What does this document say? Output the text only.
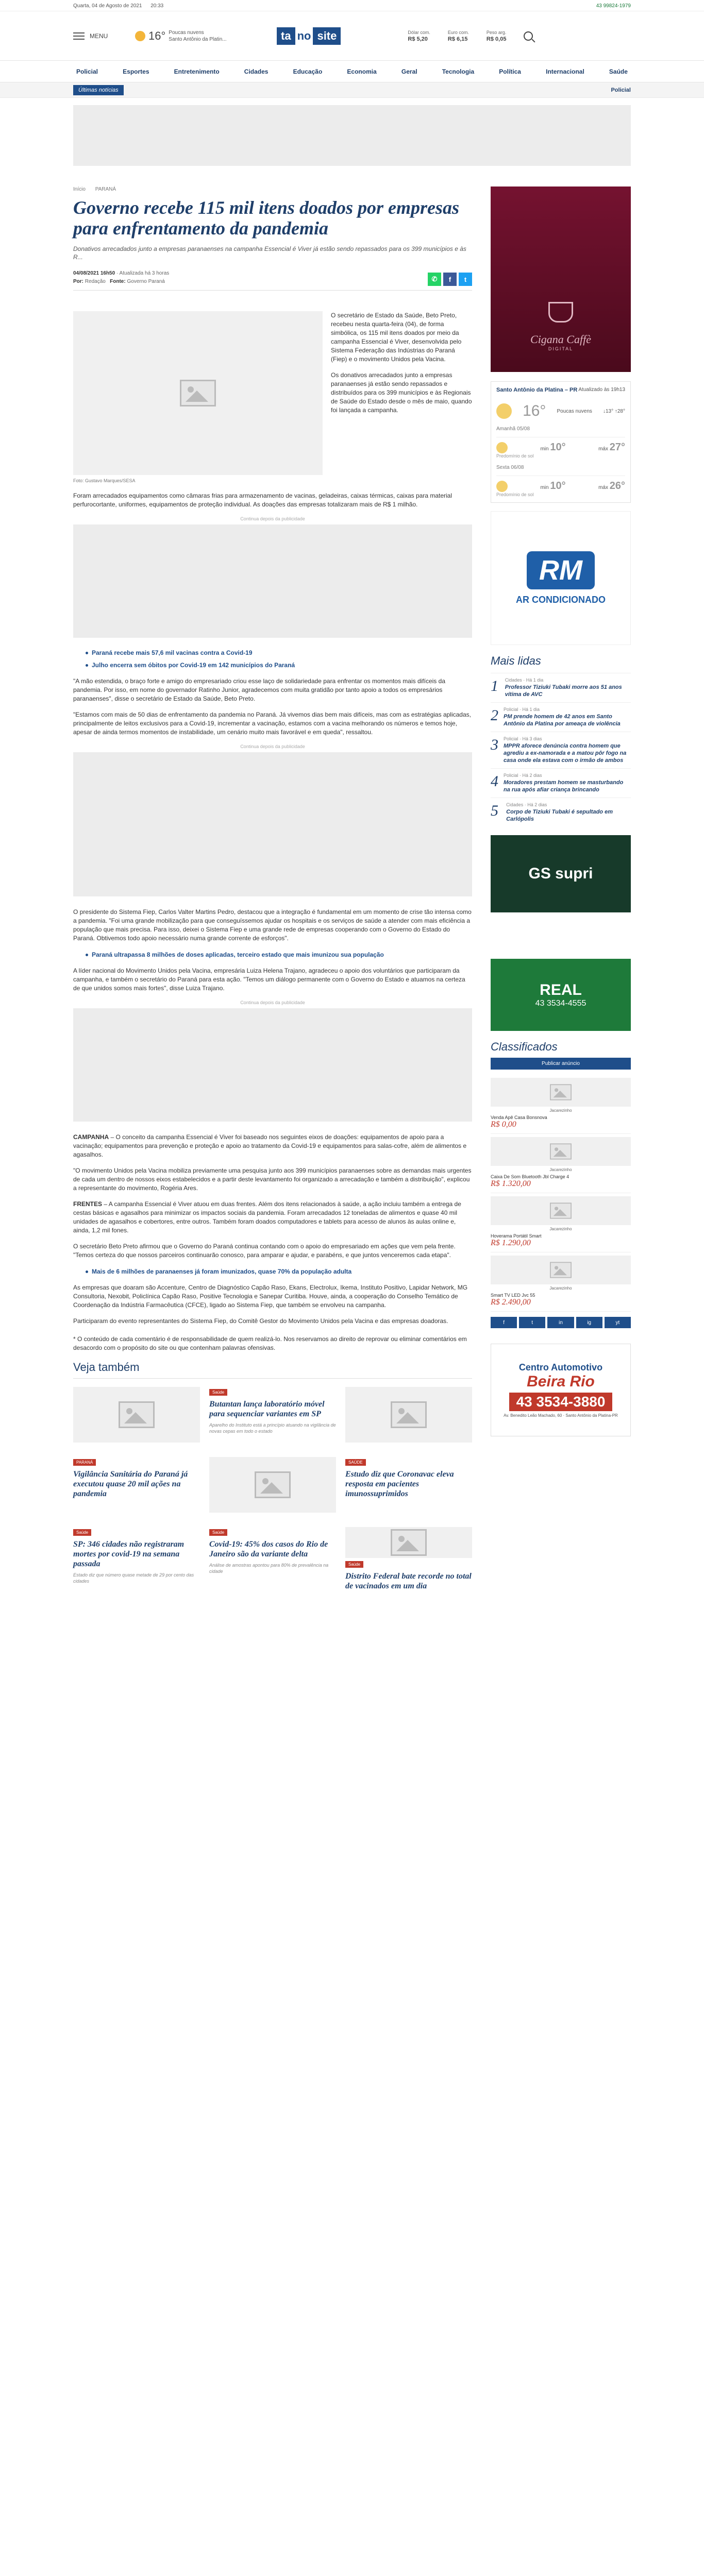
Quarta, 04 de Agosto de 2021 20:33	43 99824-1979
MENU	16° Poucas nuvens
Santo Antônio da Platin...	ta no site	Dólar com.
R$ 5,20
Euro com.
R$ 6,15
Peso arg.
R$ 0,05
Policial	Esportes	Entretenimento	Cidades	Educação	Economia	Geral	Tecnologia	Política	Internacional	Saúde
Últimas notícias	Policial
Início PARANÁ
Governo recebe 115 mil itens doados por empresas para enfrentamento da pandemia

Donativos arrecadados junto a empresas paranaenses na campanha Essencial é Viver já estão sendo repassados para os 399 municípios e às R...

04/08/2021 16h50 · Atualizada há 3 horas
Por: Redação Fonte: Governo Paraná	✆	f	t
Foto: Gustavo Marques/SESA

O secretário de Estado da Saúde, Beto Preto, recebeu nesta quarta-feira (04), de forma simbólica, os 115 mil itens doados por meio da campanha Essencial é Viver, desenvolvida pelo Sistema Federação das Indústrias do Paraná (Fiep) e o movimento Unidos pela Vacina.

Os donativos arrecadados junto a empresas paranaenses já estão sendo repassados e distribuídos para os 399 municípios e às Regionais de Saúde do Estado desde o mês de maio, quando foi lançada a campanha.

Foram arrecadados equipamentos como câmaras frias para armazenamento de vacinas, geladeiras, caixas térmicas, caixas para material perfurocortante, uniformes, equipamentos de proteção individual. As doações das empresas totalizaram mais de R$ 1 milhão.

Continua depois da publicidade
Paraná recebe mais 57,6 mil vacinas contra a Covid-19
Julho encerra sem óbitos por Covid-19 em 142 municípios do Paraná

"A mão estendida, o braço forte e amigo do empresariado criou esse laço de solidariedade para enfrentar os momentos mais difíceis da pandemia. Por isso, em nome do governador Ratinho Junior, agradecemos com muita gratidão por tanto apoio a todos os empresários paranaenses", disse o secretário de Estado da Saúde, Beto Preto.

"Estamos com mais de 50 dias de enfrentamento da pandemia no Paraná. Já vivemos dias bem mais difíceis, mas com as estratégias aplicadas, principalmente de leitos exclusivos para a Covid-19, incrementar a vacinação, estamos com a vacina melhorando os números e temos hoje, apesar de ainda termos momentos de instabilidade, um cenário muito mais favorável e em queda", ressaltou.

Continua depois da publicidade

O presidente do Sistema Fiep, Carlos Valter Martins Pedro, destacou que a integração é fundamental em um momento de crise tão intensa como a pandemia. "Foi uma grande mobilização para que conseguíssemos ajudar os hospitais e os serviços de saúde a atender com mais eficiência a população que mais precisa. Para isso, deixei o Sistema Fiep e uma grande rede de empresas cooperando com o Governo do Estado do Paraná. Obtivemos todo apoio necessário numa grande corrente de esforços".

Paraná ultrapassa 8 milhões de doses aplicadas, terceiro estado que mais imunizou sua população

A líder nacional do Movimento Unidos pela Vacina, empresária Luiza Helena Trajano, agradeceu o apoio dos voluntários que participaram da campanha, e também o secretário do Paraná para esta ação. "Temos um diálogo permanente com o Governo do Estado e atuamos na certeza de que unidos somos mais fortes", disse Luiza Trajano.

Continua depois da publicidade

CAMPANHA – O conceito da campanha Essencial é Viver foi baseado nos seguintes eixos de doações: equipamentos de apoio para a vacinação; equipamentos para prevenção e proteção e apoio ao tratamento da Covid-19 e equipamentos para salas-cofre, além de alimentos e agasalhos.

"O movimento Unidos pela Vacina mobiliza previamente uma pesquisa junto aos 399 municípios paranaenses sobre as demandas mais urgentes de cada um dentro de nossos eixos estabelecidos e a partir deste levantamento foi organizado a arrecadação e também a distribuição", explicou a representante do movimento, Rogéria Ares.

FRENTES – A campanha Essencial é Viver atuou em duas frentes. Além dos itens relacionados à saúde, a ação incluiu também a entrega de cestas básicas e agasalhos para minimizar os impactos sociais da pandemia. Foram arrecadados 12 toneladas de alimentos e quase 40 mil unidades de agasalhos e cobertores, entre outros. Também foram doados computadores e tablets para acesso de alunos às aulas online e, ainda, 1,2 mil fones.

O secretário Beto Preto afirmou que o Governo do Paraná continua contando com o apoio do empresariado em ações que vem pela frente. "Temos certeza do que nossos parceiros continuarão conosco, para amparar e ajudar, e parabéns, e que juntos venceremos cada etapa".

Mais de 6 milhões de paranaenses já foram imunizados, quase 70% da população adulta

As empresas que doaram são Accenture, Centro de Diagnóstico Capão Raso, Ekans, Electrolux, Ikema, Instituto Positivo, Lapidar Network, MG Consultoria, Nexobit, Policlínica Capão Raso, Positive Tecnologia e Sanepar Curitiba. Houve, ainda, a cooperação do Conselho Temático de Coordenação da Indústria Farmacêutica (CFCE), ligado ao Sistema Fiep, que também se envolveu na campanha.

Participaram do evento representantes do Sistema Fiep, do Comitê Gestor do Movimento Unidos pela Vacina e das empresas doadoras.

* O conteúdo de cada comentário é de responsabilidade de quem realizá-lo. Nos reservamos ao direito de reprovar ou eliminar comentários em desacordo com o propósito do site ou que contenham palavras ofensivas.

Veja também
Saúde
Butantan lança laboratório móvel para sequenciar variantes em SP

Aparelho do Instituto está a princípio atuando na vigilância de novas cepas em todo o estado

PARANÁ
Vigilância Sanitária do Paraná já executou quase 20 mil ações na pandemia
SAÚDE
Estudo diz que Coronavac eleva resposta em pacientes imunossuprimidos
Saúde
SP: 346 cidades não registraram mortes por covid-19 na semana passada

Estado diz que número quase metade de 29 por cento das cidades

Saúde
Covid-19: 45% dos casos do Rio de Janeiro são da variante delta

Análise de amostras apontou para 80% de prevalência na cidade

Saúde
Distrito Federal bate recorde no total de vacinados em um dia
Cigana Caffè
DIGITAL
Santo Antônio da Platina – PR Atualizado às 19h13
16° Poucas nuvens ↓13° ↑28°
Amanhã 05/08
min 10°	máx 27°
Predomínio de sol
Sexta 06/08
min 10°	máx 26°
Predomínio de sol
RM
AR CONDICIONADO
Mais lidas
1	Cidades · Há 1 dia
Professor Tiziuki Tubaki morre aos 51 anos vítima de AVC
2 Policial · Há 1 dia
PM prende homem de 42 anos em Santo Antônio da Platina por ameaça de violência
3 Policial · Há 3 dias
MPPR aforece denúncia contra homem que agrediu a ex-namorada e a matou pôr fogo na casa onde ela estava com o irmão de ambos
4 Policial · Há 2 dias
Moradores prestam homem se masturbando na rua após afiar criança brincando
5	Cidades · Há 2 dias
Corpo de Tiziuki Tubaki é sepultado em Carlópolis
GS supri
REAL
43 3534-4555
Classificados
Publicar anúncio
Jacarezinho
Venda Apê Casa Bonsnova
R$ 0,00
Jacarezinho
Caixa De Som Bluetooth Jbl Charge 4
R$ 1.320,00
Jacarezinho
Hoverama Portátil Smart
R$ 1.290,00
Jacarezinho
Smart TV LED Jvc 55
R$ 2.490,00
f	t	in	ig	yt
Centro Automotivo
Beira Rio
43 3534-3880
Av. Benedito Leão Machado, 60 · Santo Antônio da Platina-PR
